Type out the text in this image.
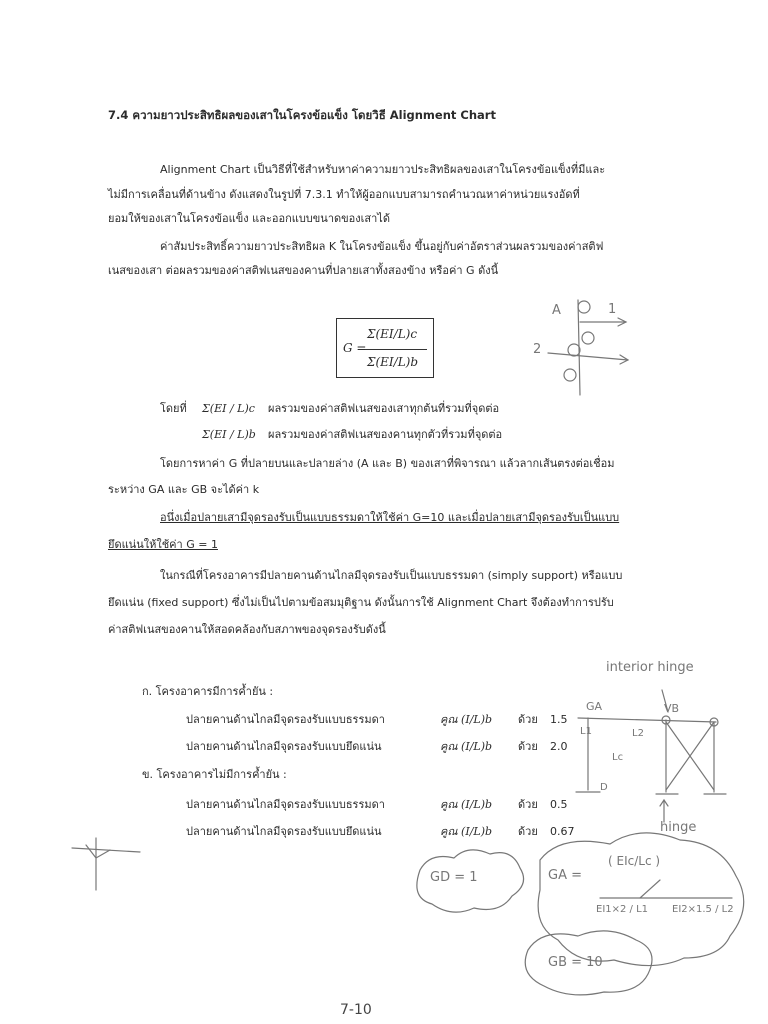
7.4 ความยาวประสิทธิผลของเสาในโครงข้อแข็ง โดยวิธี Alignment Chart
Alignment Chart เป็นวิธีที่ใช้สำหรับหาค่าความยาวประสิทธิผลของเสาในโครงข้อแข็งที่มีและ
ไม่มีการเคลื่อนที่ด้านข้าง ดังแสดงในรูปที่ 7.3.1 ทำให้ผู้ออกแบบสามารถคำนวณหาค่าหน่วยแรงอัดที่
ยอมให้ของเสาในโครงข้อแข็ง และออกแบบขนาดของเสาได้
ค่าสัมประสิทธิ์ความยาวประสิทธิผล K ในโครงข้อแข็ง ขึ้นอยู่กับค่าอัตราส่วนผลรวมของค่าสติฟ
เนสของเสา ต่อผลรวมของค่าสติฟเนสของคานที่ปลายเสาทั้งสองข้าง หรือค่า G ดังนี้
G =
Σ(EI/L)c
Σ(EI/L)b
โดยที่ Σ(EI / L)c ผลรวมของค่าสติฟเนสของเสาทุกต้นที่รวมที่จุดต่อ
Σ(EI / L)b ผลรวมของค่าสติฟเนสของคานทุกตัวที่รวมที่จุดต่อ
โดยการหาค่า G ที่ปลายบนและปลายล่าง (A และ B) ของเสาที่พิจารณา แล้วลากเส้นตรงต่อเชื่อม
ระหว่าง GA และ GB จะได้ค่า k
อนึ่งเมื่อปลายเสามีจุดรองรับเป็นแบบธรรมดาให้ใช้ค่า G=10 และเมื่อปลายเสามีจุดรองรับเป็นแบบ
ยึดแน่นให้ใช้ค่า G = 1
ในกรณีที่โครงอาคารมีปลายคานด้านไกลมีจุดรองรับเป็นแบบธรรมดา (simply support) หรือแบบ
ยึดแน่น (fixed support) ซึ่งไม่เป็นไปตามข้อสมมุติฐาน ดังนั้นการใช้ Alignment Chart จึงต้องทำการปรับ
ค่าสติฟเนสของคานให้สอดคล้องกับสภาพของจุดรองรับดังนี้
ก. โครงอาคารมีการค้ำยัน :
ปลายคานด้านไกลมีจุดรองรับแบบธรรมดา	คูณ (I/L)b ด้วย 1.5
ปลายคานด้านไกลมีจุดรองรับแบบยึดแน่น	คูณ (I/L)b ด้วย 2.0
ข. โครงอาคารไม่มีการค้ำยัน :
ปลายคานด้านไกลมีจุดรองรับแบบธรรมดา	คูณ (I/L)b ด้วย 0.5
ปลายคานด้านไกลมีจุดรองรับแบบยึดแน่น	คูณ (I/L)b ด้วย 0.67
A	1
2
interior hinge
GA	VB
L1	L2
Lc
D
hinge
GD = 1	GA =
( EIc/Lc )
EI1×2 / L1 EI2×1.5 / L2
GB = 10
7-10
